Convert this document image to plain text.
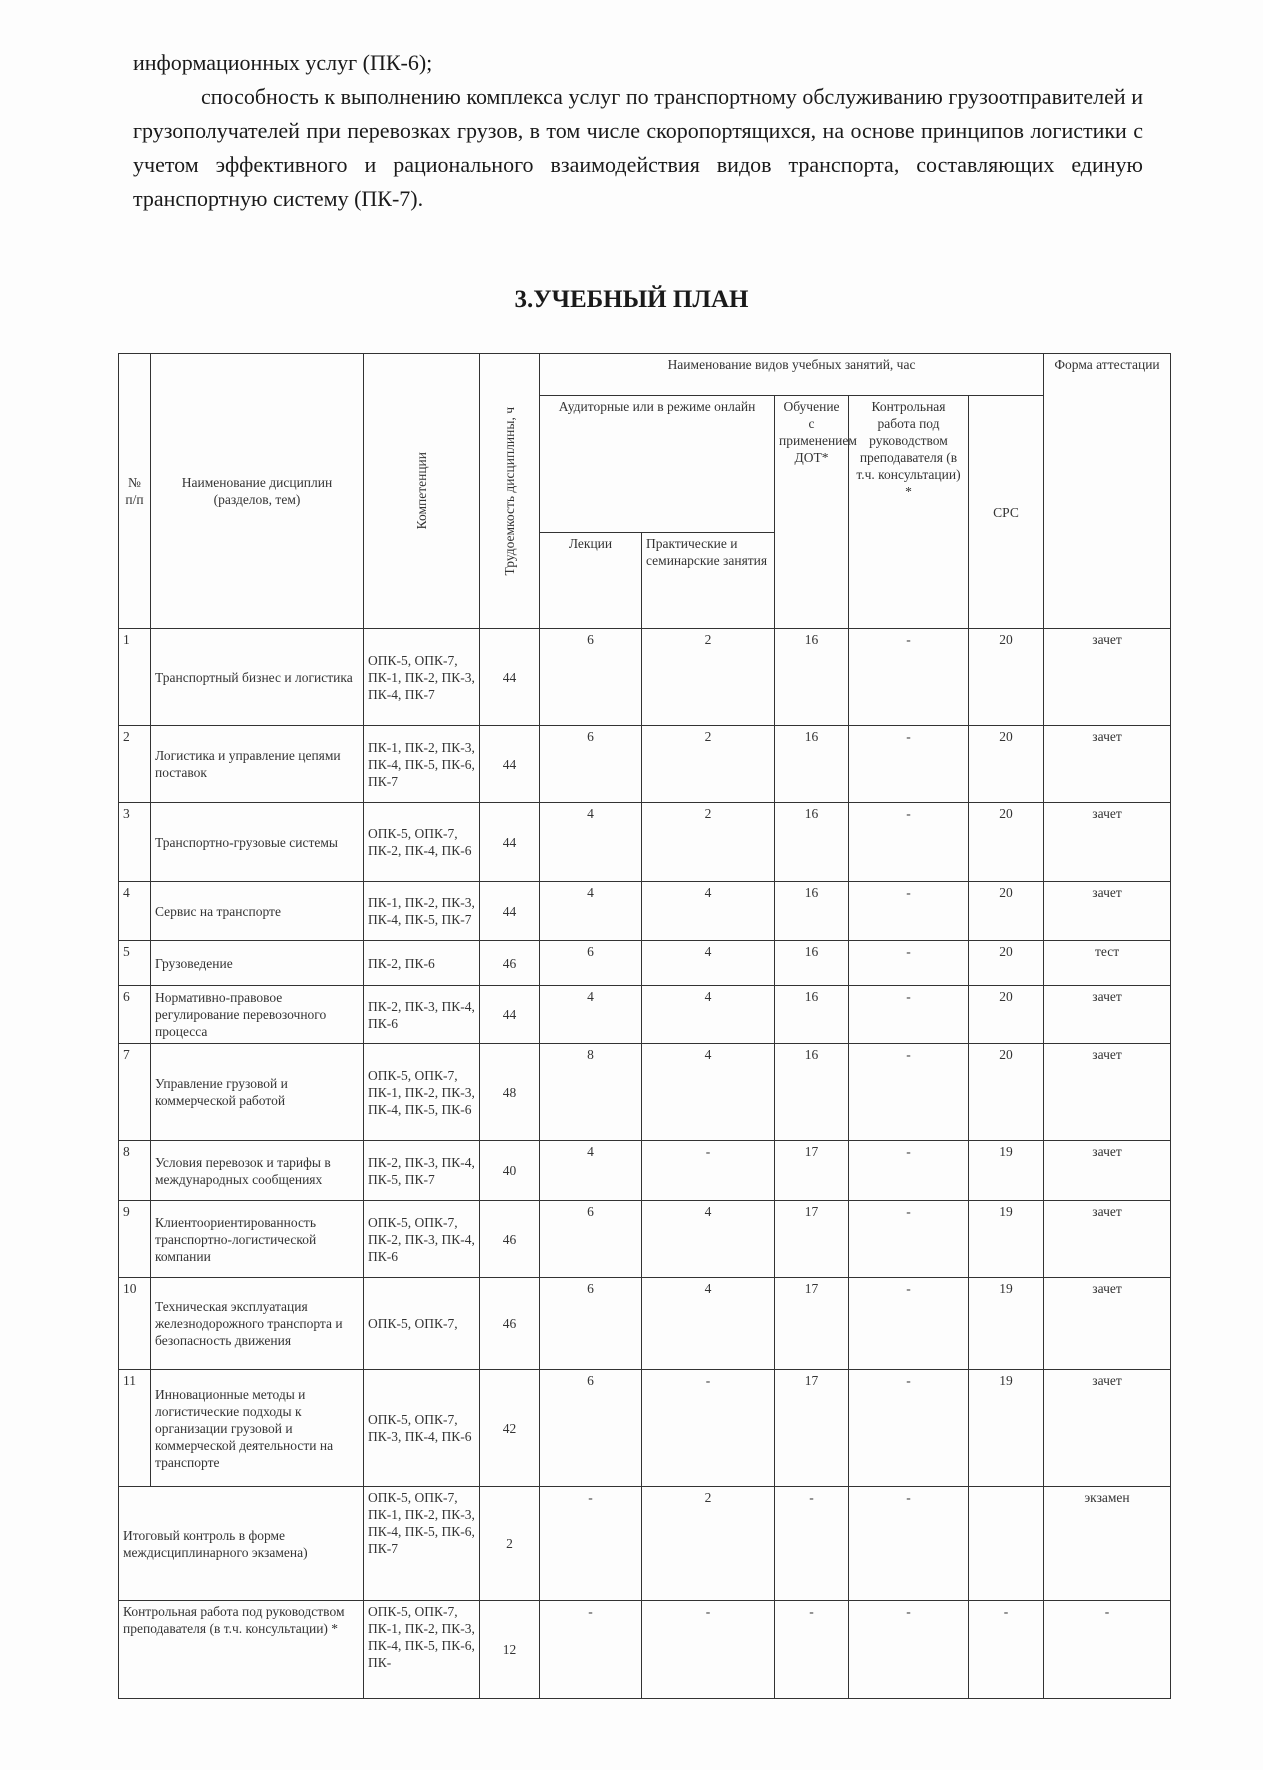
информационных услуг (ПК-6);
способность к выполнению комплекса услуг по транспортному обслуживанию грузоотправителей и грузополучателей при перевозках грузов, в том числе скоропортящихся, на основе принципов логистики с учетом эффективного и рационального взаимодействия видов транспорта, составляющих единую транспортную систему (ПК-7).
3.УЧЕБНЫЙ ПЛАН
№ п/п	Наименование дисциплин (разделов, тем)	Компетенции	Трудоемкость дисциплины, ч	Наименование видов учебных занятий, час					Форма аттестации
				Аудиторные или в режиме онлайн		Обучение с применением ДОТ*	Контрольная работа под руководством преподавателя (в т.ч. консультации) *	СРС	
				Лекции	Практические и семинарские занятия				
1	Транспортный бизнес и логистика	ОПК-5, ОПК-7, ПК-1, ПК-2, ПК-3, ПК-4, ПК-7	44	6	2	16	-	20	зачет
2	Логистика и управление цепями поставок	ПК-1, ПК-2, ПК-3, ПК-4, ПК-5, ПК-6, ПК-7	44	6	2	16	-	20	зачет
3	Транспортно-грузовые системы	ОПК-5, ОПК-7, ПК-2, ПК-4, ПК-6	44	4	2	16	-	20	зачет
4	Сервис на транспорте	ПК-1, ПК-2, ПК-3, ПК-4, ПК-5, ПК-7	44	4	4	16	-	20	зачет
5	Грузоведение	ПК-2, ПК-6	46	6	4	16	-	20	тест
6	Нормативно-правовое регулирование перевозочного процесса	ПК-2, ПК-3, ПК-4, ПК-6	44	4	4	16	-	20	зачет
7	Управление грузовой и коммерческой работой	ОПК-5, ОПК-7, ПК-1, ПК-2, ПК-3, ПК-4, ПК-5, ПК-6	48	8	4	16	-	20	зачет
8	Условия перевозок и тарифы в международных сообщениях	ПК-2, ПК-3, ПК-4, ПК-5, ПК-7	40	4	-	17	-	19	зачет
9	Клиентоориентированность транспортно-логистической компании	ОПК-5, ОПК-7, ПК-2, ПК-3, ПК-4, ПК-6	46	6	4	17	-	19	зачет
10	Техническая эксплуатация железнодорожного транспорта и безопасность движения	ОПК-5, ОПК-7,	46	6	4	17	-	19	зачет
11	Инновационные методы и логистические подходы к организации грузовой и коммерческой деятельности на транспорте	ОПК-5, ОПК-7, ПК-3, ПК-4, ПК-6	42	6	-	17	-	19	зачет
Итоговый контроль в форме междисциплинарного экзамена)		ОПК-5, ОПК-7, ПК-1, ПК-2, ПК-3, ПК-4, ПК-5, ПК-6, ПК-7	2	-	2	-	-		экзамен
Контрольная работа под руководством преподавателя (в т.ч. консультации) *		ОПК-5, ОПК-7, ПК-1, ПК-2, ПК-3, ПК-4, ПК-5, ПК-6, ПК-	12	-	-	-	-	-	-
